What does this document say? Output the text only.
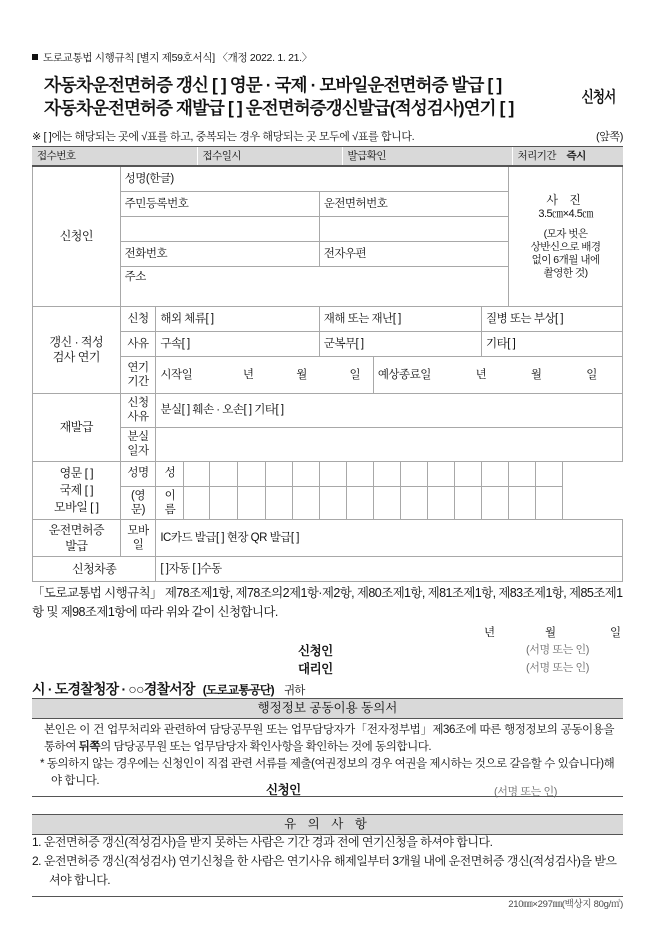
도로교통법 시행규칙 [별지 제59호서식] 〈개정 2022. 1. 21.〉
자동차운전면허증 갱신 [ ] 영문 · 국제 · 모바일운전면허증 발급 [ ]
자동차운전면허증 재발급 [ ] 운전면허증갱신발급(적성검사)연기 [ ]
신청서
(앞쪽)
※ [ ]에는 해당되는 곳에 √표를 하고, 중복되는 경우 해당되는 곳 모두에 √표를 합니다.
접수번호	접수일시	발급확인	처리기간 즉시
신청인	성명(한글)	
사 진
3.5㎝×4.5㎝
(모자 벗은
상반신으로 배경
없이 6개월 내에
촬영한 것)

	주민등록번호							운전면허번호								

	전화번호							전자우편								
	주소															

갱신 · 적성
검사 연기	신청	해외 체류[ ]						재해 또는 재난[ ]						질병 또는 부상[ ]		
	사유	구속[ ]						군복무[ ]						기타[ ]		

	연기
기간	시작일 년 월 일								예상종료일 년 월 일						
재발급	신청
사유	분실[ ] 훼손 · 오손[ ] 기타[ ]														

	분실
일자															

영문 [ ]
국제 [ ]
모바일 [ ]	성명	성														
	(영문)	이름														

운전면허증
발급	모바일	IC카드 발급[ ] 현장 QR 발급[ ]														
신청차종		[ ]자동 [ ]수동														
「도로교통법 시행규칙」 제78조제1항, 제78조의2제1항·제2항, 제80조제1항, 제81조제1항, 제83조제1항, 제85조제1항 및 제98조제1항에 따라 위와 같이 신청합니다.
년	월	일
신청인	(서명 또는 인)
대리인	(서명 또는 인)
시 · 도경찰청장 · ○○경찰서장 (도로교통공단) 귀하
행정정보 공동이용 동의서
본인은 이 건 업무처리와 관련하여 담당공무원 또는 업무담당자가「전자정부법」제36조에 따른 행정정보의 공동이용을 통하여 뒤쪽의 담당공무원 또는 업무담당자 확인사항을 확인하는 것에 동의합니다.
* 동의하지 않는 경우에는 신청인이 직접 관련 서류를 제출(여권정보의 경우 여권을 제시하는 것으로 갈음할 수 있습니다)해야 합니다.
신청인	(서명 또는 인)
유 의 사 항
1. 운전면허증 갱신(적성검사)을 받지 못하는 사람은 기간 경과 전에 연기신청을 하셔야 합니다.
2. 운전면허증 갱신(적성검사) 연기신청을 한 사람은 연기사유 해제일부터 3개월 내에 운전면허증 갱신(적성검사)을 받으셔야 합니다.
210㎜×297㎜(백상지 80g/㎡)
